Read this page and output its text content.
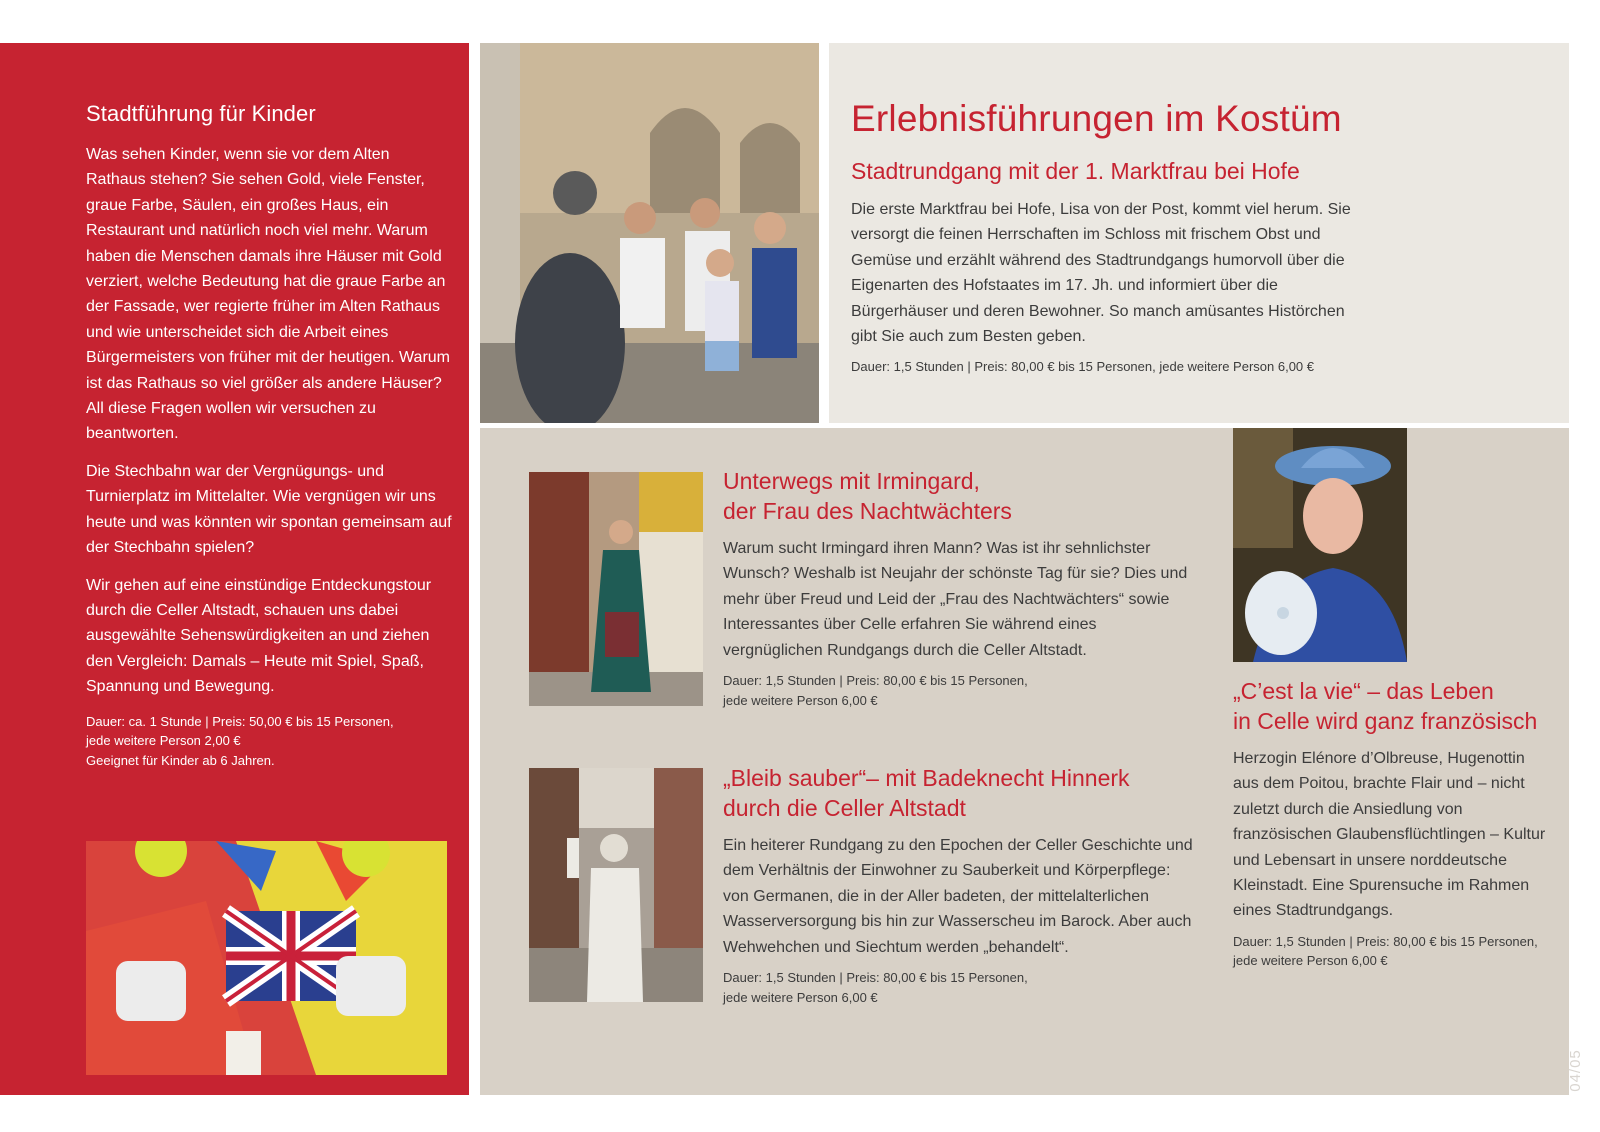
Stadtführung für Kinder

Was sehen Kinder, wenn sie vor dem Alten Rathaus stehen? Sie sehen Gold, viele Fenster, graue Farbe, Säulen, ein großes Haus, ein Restaurant und natürlich noch viel mehr. Warum haben die Menschen damals ihre Häuser mit Gold verziert, welche Bedeutung hat die graue Farbe an der Fassade, wer regierte früher im Alten Rathaus und wie unterscheidet sich die Arbeit eines Bürgermeisters von früher mit der heutigen. Warum ist das Rathaus so viel größer als andere Häuser? All diese Fragen wollen wir versuchen zu beantworten.

Die Stechbahn war der Vergnügungs- und Turnierplatz im Mittelalter. Wie vergnügen wir uns heute und was könnten wir spontan gemeinsam auf der Stechbahn spielen?

Wir gehen auf eine einstündige Entdeckungstour durch die Celler Altstadt, schauen uns dabei ausgewählte Sehenswürdigkeiten an und ziehen den Vergleich: Damals – Heute mit Spiel, Spaß, Spannung und Bewegung.

Dauer: ca. 1 Stunde | Preis: 50,00 € bis 15 Personen,
jede weitere Person 2,00 €
Geeignet für Kinder ab 6 Jahren.
Erlebnisführungen im Kostüm
Stadtrundgang mit der 1. Marktfrau bei Hofe

Die erste Marktfrau bei Hofe, Lisa von der Post, kommt viel herum. Sie versorgt die feinen Herrschaften im Schloss mit frischem Obst und Gemüse und erzählt während des Stadtrundgangs humorvoll über die Eigenarten des Hofstaates im 17. Jh. und informiert über die Bürgerhäuser und deren Bewohner. So manch amüsantes Histörchen gibt Sie auch zum Besten geben.

Dauer: 1,5 Stunden | Preis: 80,00 € bis 15 Personen, jede weitere Person 6,00 €
Unterwegs mit Irmingard,
der Frau des Nachtwächters

Warum sucht Irmingard ihren Mann? Was ist ihr sehnlichster Wunsch? Weshalb ist Neujahr der schönste Tag für sie? Dies und mehr über Freud und Leid der „Frau des Nachtwächters“ sowie Interessantes über Celle erfahren Sie während eines vergnüglichen Rundgangs durch die Celler Altstadt.

Dauer: 1,5 Stunden | Preis: 80,00 € bis 15 Personen,
jede weitere Person 6,00 €
„Bleib sauber“– mit Badeknecht Hinnerk
durch die Celler Altstadt

Ein heiterer Rundgang zu den Epochen der Celler Geschichte und dem Verhältnis der Einwohner zu Sauberkeit und Körperpflege: von Germanen, die in der Aller badeten, der mittelalterlichen Wasserversorgung bis hin zur Wasserscheu im Barock. Aber auch Wehwehchen und Siechtum werden „behandelt“.

Dauer: 1,5 Stunden | Preis: 80,00 € bis 15 Personen,
jede weitere Person 6,00 €
„C’est la vie“ – das Leben
in Celle wird ganz französisch

Herzogin Elénore d’Olbreuse, Hugenottin aus dem Poitou, brachte Flair und – nicht zuletzt durch die Ansiedlung von französischen Glaubensflüchtlingen – Kultur und Lebensart in unsere norddeutsche Kleinstadt. Eine Spurensuche im Rahmen eines Stadtrundgangs.

Dauer: 1,5 Stunden | Preis: 80,00 € bis 15 Personen, jede weitere Person 6,00 €
04/05
